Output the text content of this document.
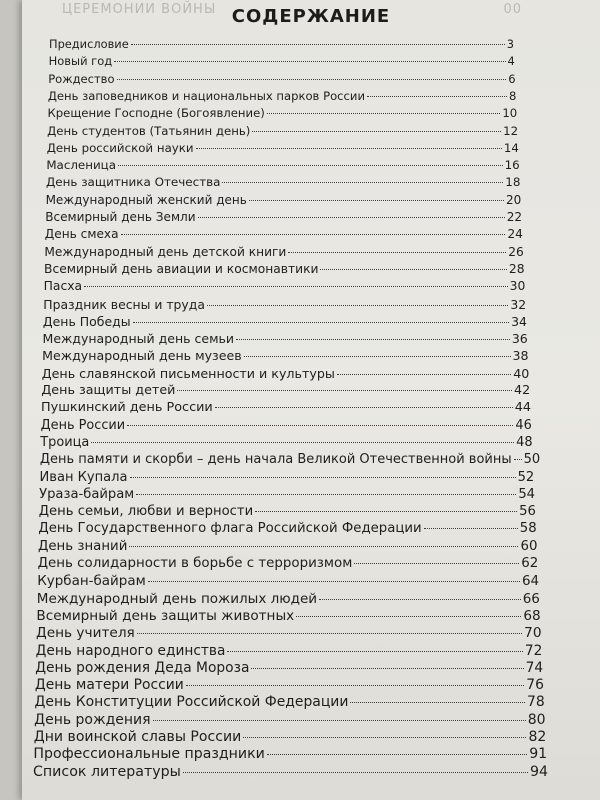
ЦЕРЕМОНИИ ВОЙНЫ	00
СОДЕРЖАНИЕ
Предисловие	3
Новый год	4
Рождество	6
День заповедников и национальных парков России	8
Крещение Господне (Богоявление)	10
День студентов (Татьянин день)	12
День российской науки	14
Масленица	16
День защитника Отечества	18
Международный женский день	20
Всемирный день Земли	22
День смеха	24
Международный день детской книги	26
Всемирный день авиации и космонавтики	28
Пасха	30
Праздник весны и труда	32
День Победы	34
Международный день семьи	36
Международный день музеев	38
День славянской письменности и культуры	40
День защиты детей	42
Пушкинский день России	44
День России	46
Троица	48
День памяти и скорби – день начала Великой Отечественной войны 50
Иван Купала	52
Ураза-байрам	54
День семьи, любви и верности	56
День Государственного флага Российской Федерации	58
День знаний	60
День солидарности в борьбе с терроризмом	62
Курбан-байрам	64
Международный день пожилых людей	66
Всемирный день защиты животных	68
День учителя	70
День народного единства	72
День рождения Деда Мороза	74
День матери России	76
День Конституции Российской Федерации	78
День рождения	80
Дни воинской славы России	82
Профессиональные праздники	91
Список литературы	94
